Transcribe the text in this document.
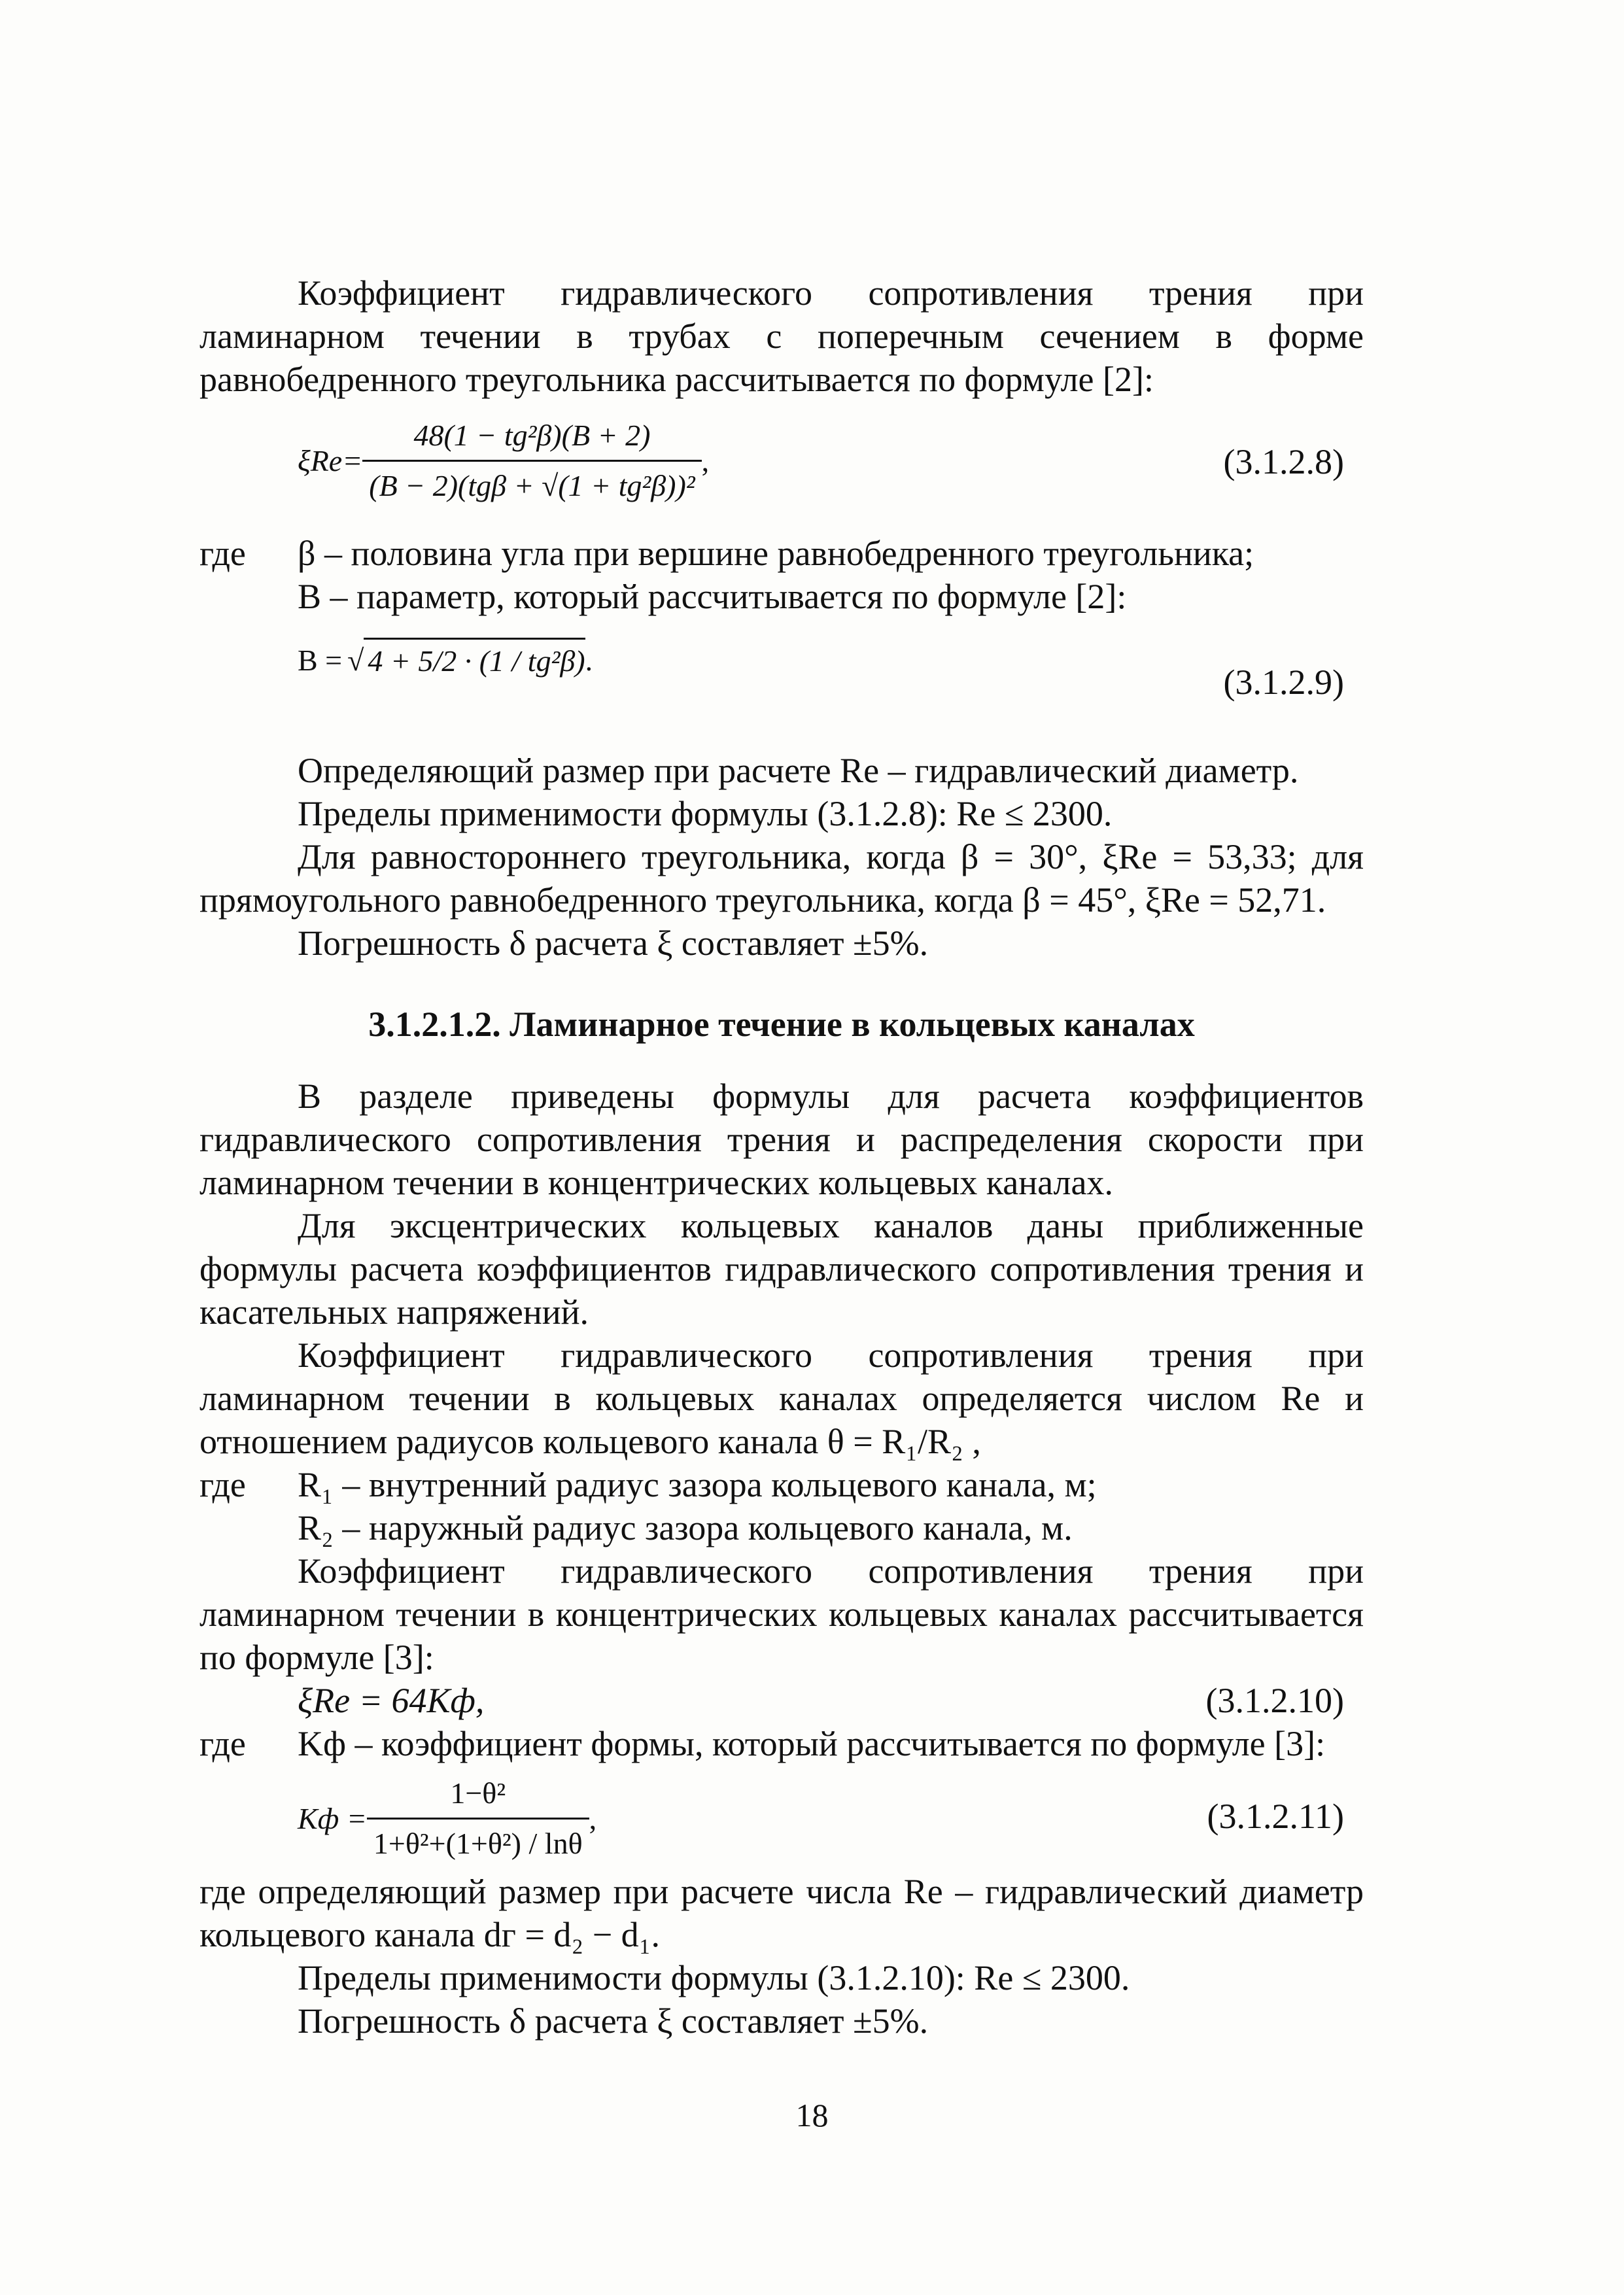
Коэффициент гидравлического сопротивления трения при ламинарном течении в трубах с поперечным сечением в форме равнобедренного треугольника рассчитывается по формуле [2]:

$\xi Re= \frac{\text{48(1 − tg²β)(B + 2)}}{\text{(B − 2)(tgβ + √(1 + tg²β))²}}$ ,	(3.1.2.8)
где	β – половина угла при вершине равнобедренного треугольника;
B – параметр, который рассчитывается по формуле [2]:
B = √ 4 + 5/2 · (1 / tg²β) .
(3.1.2.9)

Определяющий размер при расчете Re – гидравлический диаметр.

Пределы применимости формулы (3.1.2.8): Re ≤ 2300.

Для равностороннего треугольника, когда β = 30°, ξRe = 53,33; для прямоугольного равнобедренного треугольника, когда β = 45°, ξRe = 52,71.

Погрешность δ расчета ξ составляет ±5%.

3.1.2.1.2. Ламинарное течение в кольцевых каналах

В разделе приведены формулы для расчета коэффициентов гидравлического сопротивления трения и распределения скорости при ламинарном течении в концентрических кольцевых каналах.

Для эксцентрических кольцевых каналов даны приближенные формулы расчета коэффициентов гидравлического сопротивления трения и касательных напряжений.

Коэффициент гидравлического сопротивления трения при ламинарном течении в кольцевых каналах определяется числом Re и отношением радиусов кольцевого канала θ = R₁/R₂ ,

где	R₁ – внутренний радиус зазора кольцевого канала, м;
R₂ – наружный радиус зазора кольцевого канала, м.

Коэффициент гидравлического сопротивления трения при ламинарном течении в концентрических кольцевых каналах рассчитывается по формуле [3]:

ξRe = 64Kф,	(3.1.2.10)
где	Kф – коэффициент формы, который рассчитывается по формуле [3]:
Kф = $\frac{\text{1−θ²}}{\text{1+θ²+(1+θ²) / lnθ}}$ ,	(3.1.2.11)

где определяющий размер при расчете числа Re – гидравлический диаметр кольцевого канала dг = d₂ − d₁.

Пределы применимости формулы (3.1.2.10): Re ≤ 2300.

Погрешность δ расчета ξ составляет ±5%.

18
